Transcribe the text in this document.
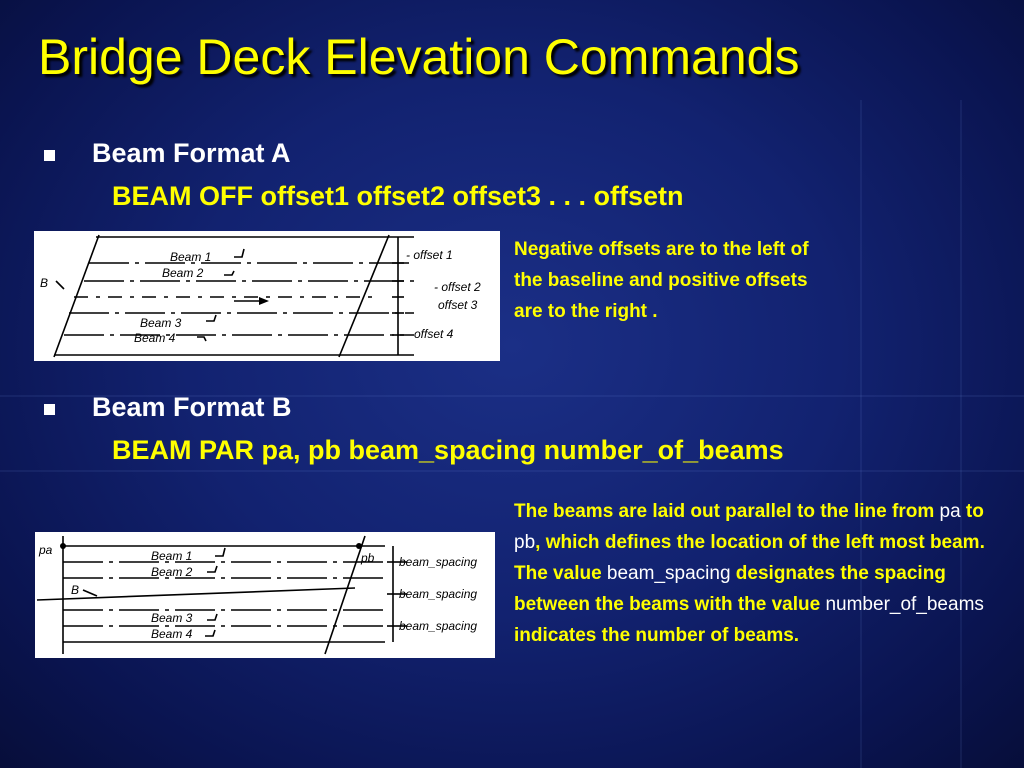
Bridge Deck Elevation Commands
Beam Format A
BEAM OFF offset1 offset2 offset3 . . . offsetn
Beam 1
Beam 2
Beam 3
Beam 4
B
- offset 1
- offset 2
offset 3
offset 4

Negative offsets are to the left of the baseline and positive offsets are to the right .

Beam Format B
BEAM PAR pa, pb beam_spacing number_of_beams
pa
pb
Beam 1
Beam 2
Beam 3
Beam 4
B
beam_spacing
beam_spacing
beam_spacing

The beams are laid out parallel to the line from pa to pb, which defines the location of the left most beam. The value beam_spacing designates the spacing between the beams with the value number_of_beams indicates the number of beams.
